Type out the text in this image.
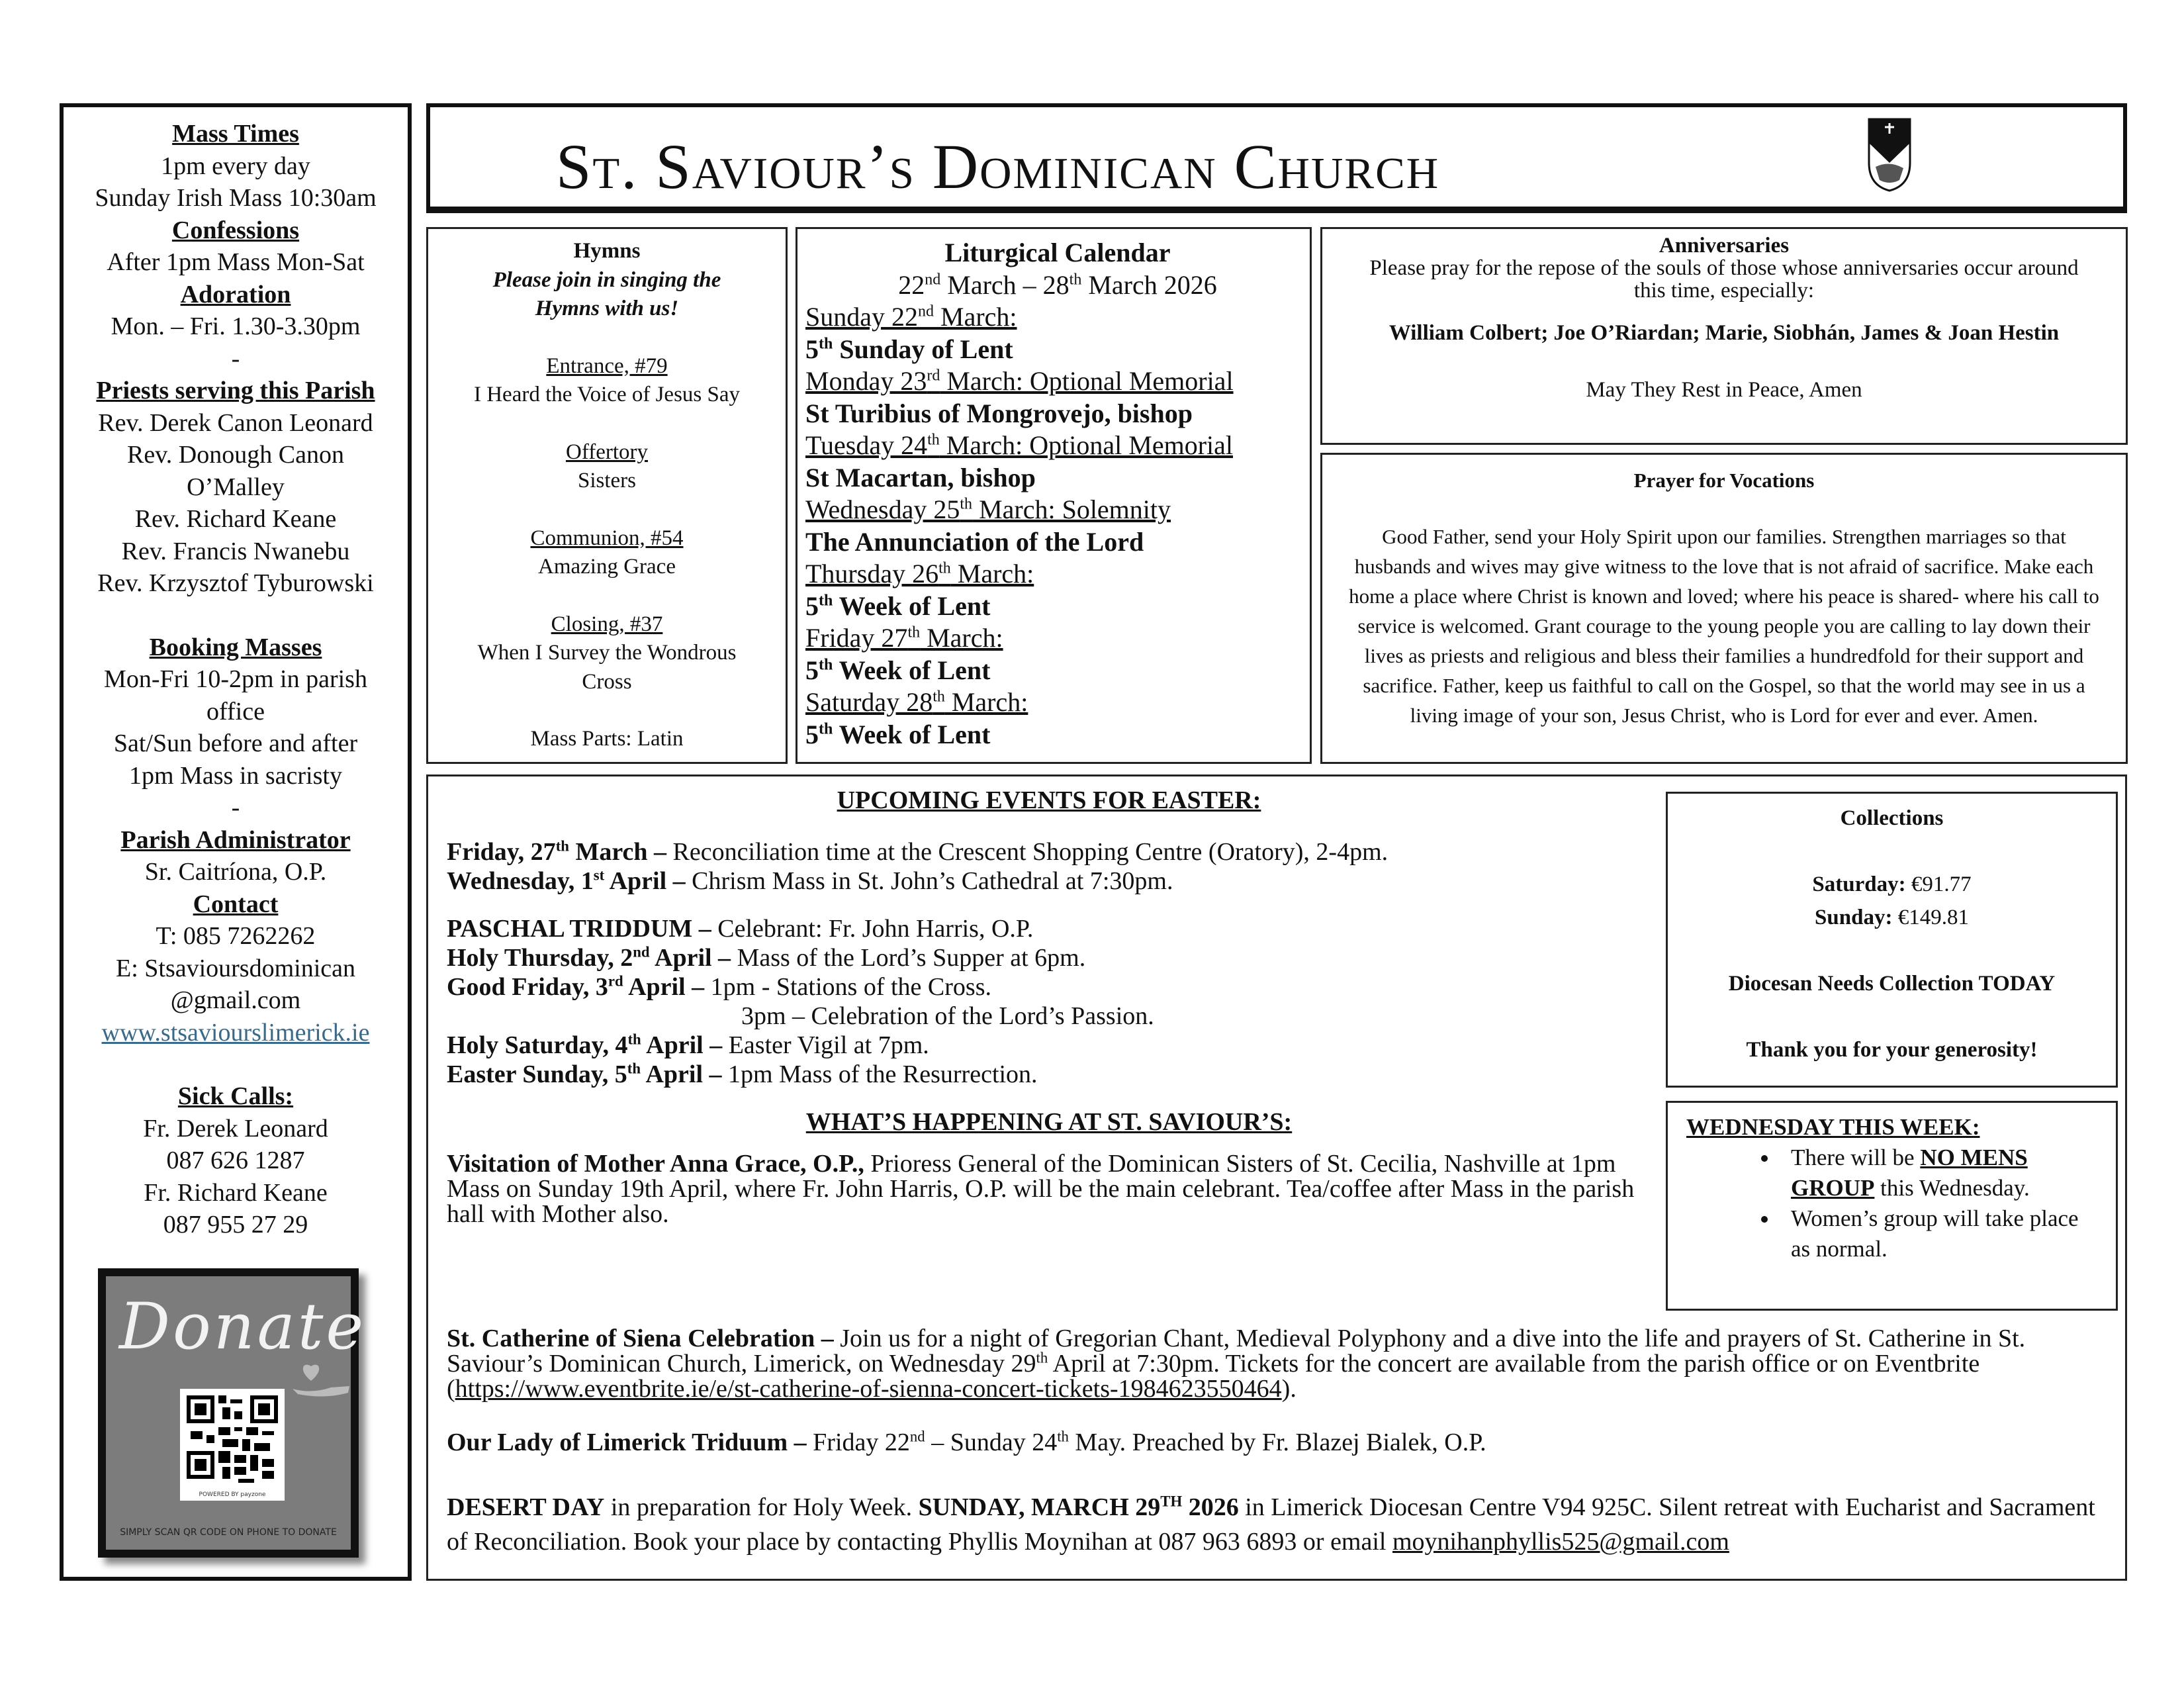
Mass Times
1pm every day
Sunday Irish Mass 10:30am
Confessions
After 1pm Mass Mon-Sat
Adoration
Mon. – Fri. 1.30-3.30pm
-
Priests serving this Parish
Rev. Derek Canon Leonard
Rev. Donough Canon
O’Malley
Rev. Richard Keane
Rev. Francis Nwanebu
Rev. Krzysztof Tyburowski
Booking Masses
Mon-Fri 10-2pm in parish
office
Sat/Sun before and after
1pm Mass in sacristy
-
Parish Administrator
Sr. Caitríona, O.P.
Contact
T: 085 7262262
E: Stsavioursdominican
@gmail.com
www.stsaviourslimerick.ie
Sick Calls:
Fr. Derek Leonard
087 626 1287
Fr. Richard Keane
087 955 27 29
Donate
POWERED BY payzone
SIMPLY SCAN QR CODE ON PHONE TO DONATE
St. Saviour’s Dominican Church
Hymns
Please join in singing the
Hymns with us!
Entrance, #79
I Heard the Voice of Jesus Say
Offertory
Sisters
Communion, #54
Amazing Grace
Closing, #37
When I Survey the Wondrous
Cross
Mass Parts: Latin
Liturgical Calendar
22nd March – 28th March 2026
Sunday 22nd March:
5th Sunday of Lent
Monday 23rd March: Optional Memorial
St Turibius of Mongrovejo, bishop
Tuesday 24th March: Optional Memorial
St Macartan, bishop
Wednesday 25th March: Solemnity
The Annunciation of the Lord
Thursday 26th March:
5th Week of Lent
Friday 27th March:
5th Week of Lent
Saturday 28th March:
5th Week of Lent
Anniversaries
Please pray for the repose of the souls of those whose anniversaries occur around this time, especially:
William Colbert; Joe O’Riardan; Marie, Siobhán, James & Joan Hestin
May They Rest in Peace, Amen
Prayer for Vocations
Good Father, send your Holy Spirit upon our families. Strengthen marriages so that husbands and wives may give witness to the love that is not afraid of sacrifice. Make each home a place where Christ is known and loved; where his peace is shared- where his call to service is welcomed. Grant courage to the young people you are calling to lay down their lives as priests and religious and bless their families a hundredfold for their support and sacrifice. Father, keep us faithful to call on the Gospel, so that the world may see in us a living image of your son, Jesus Christ, who is Lord for ever and ever. Amen.
UPCOMING EVENTS FOR EASTER:

Friday, 27th March – Reconciliation time at the Crescent Shopping Centre (Oratory), 2-4pm.

Wednesday, 1st April – Chrism Mass in St. John’s Cathedral at 7:30pm.

PASCHAL TRIDDUM – Celebrant: Fr. John Harris, O.P.

Holy Thursday, 2nd April – Mass of the Lord’s Supper at 6pm.

Good Friday, 3rd April – 1pm - Stations of the Cross.

3pm – Celebration of the Lord’s Passion.

Holy Saturday, 4th April – Easter Vigil at 7pm.

Easter Sunday, 5th April – 1pm Mass of the Resurrection.

WHAT’S HAPPENING AT ST. SAVIOUR’S:

Visitation of Mother Anna Grace, O.P., Prioress General of the Dominican Sisters of St. Cecilia, Nashville at 1pm Mass on Sunday 19th April, where Fr. John Harris, O.P. will be the main celebrant. Tea/coffee after Mass in the parish hall with Mother also.

St. Catherine of Siena Celebration – Join us for a night of Gregorian Chant, Medieval Polyphony and a dive into the life and prayers of St. Catherine in St. Saviour’s Dominican Church, Limerick, on Wednesday 29th April at 7:30pm. Tickets for the concert are available from the parish office or on Eventbrite (https://www.eventbrite.ie/e/st-catherine-of-sienna-concert-tickets-1984623550464).

Our Lady of Limerick Triduum – Friday 22nd – Sunday 24th May. Preached by Fr. Blazej Bialek, O.P.

DESERT DAY in preparation for Holy Week. SUNDAY, MARCH 29TH 2026 in Limerick Diocesan Centre V94 925C. Silent retreat with Eucharist and Sacrament of Reconciliation. Book your place by contacting Phyllis Moynihan at 087 963 6893 or email moynihanphyllis525@gmail.com

Collections
Saturday: €91.77
Sunday: €149.81
Diocesan Needs Collection TODAY
Thank you for your generosity!
WEDNESDAY THIS WEEK:
• There will be NO MENS GROUP this Wednesday.
• Women’s group will take place as normal.
